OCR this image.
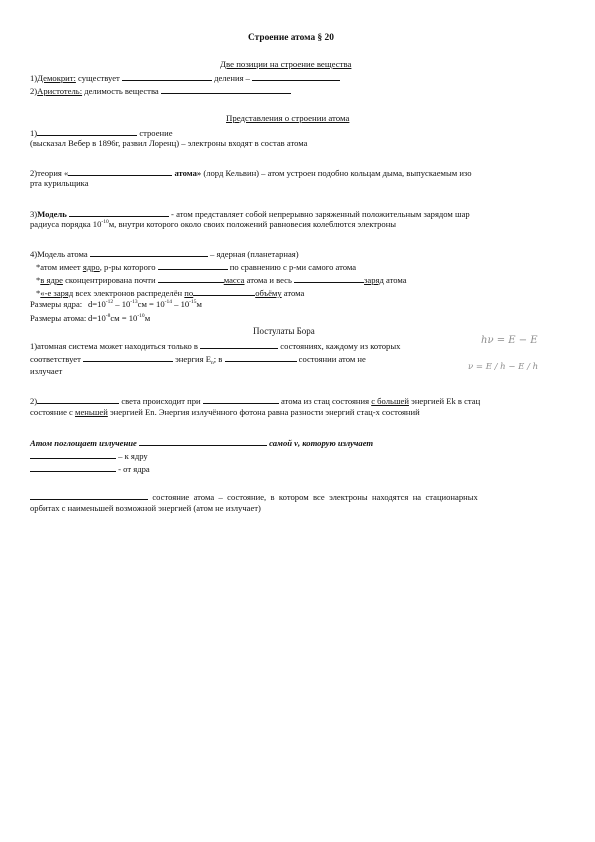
Строение атома § 20
Две позиции на строение вещества
1)Демокрит: существует	деления –
2)Аристотель: делимость вещества
Представления о строении атома
1)	строение
(высказал Вебер в 1896г, развил Лоренц) – электроны входят в состав атома
2)теория «	атома» (лорд Кельвин) – атом устроен подобно кольцам дыма, выпускаемым изо
рта курильщика
3)Модель	- атом представляет собой непрерывно заряженный положительным зарядом шар
радиуса порядка $10^{-10}м$, внутри которого около своих положений равновесия колеблются электроны
4)Модель атома	– ядерная (планетарная)
*атом имеет ядро, р-ры которого	по сравнению с р-ми самого атома
*в ядре сконцентрирована почти	масса атома и весь	заряд атома
*«-е заряд всех электронов распределён по	объёму атома
Размеры ядра: $d=10^{-12} - 10^{-13}см = 10^{-14} - 10^{-15}м$
Размеры атома: $d=10^{-8}см = 10^{-10}м$
Постулаты Бора
1)атомная система может находиться только в	состояниях, каждому из которых
соответствует	энергия $Е_n$; в	состоянии атом не
излучает
hν = E − E
ν = E / h − E / h
2)	света происходит при	атома из стац состояния с большей энергией Ek в стац
состояние с меньшей энергией En. Энергия излучённого фотона равна разности энергий стац-х состояний
Атом поглощает излучение	самой ν, которую излучает
– к ядру
- от ядра
состояние атома – состояние, в котором все электроны находятся на стационарных
орбитах с наименьшей возможной энергией (атом не излучает)
